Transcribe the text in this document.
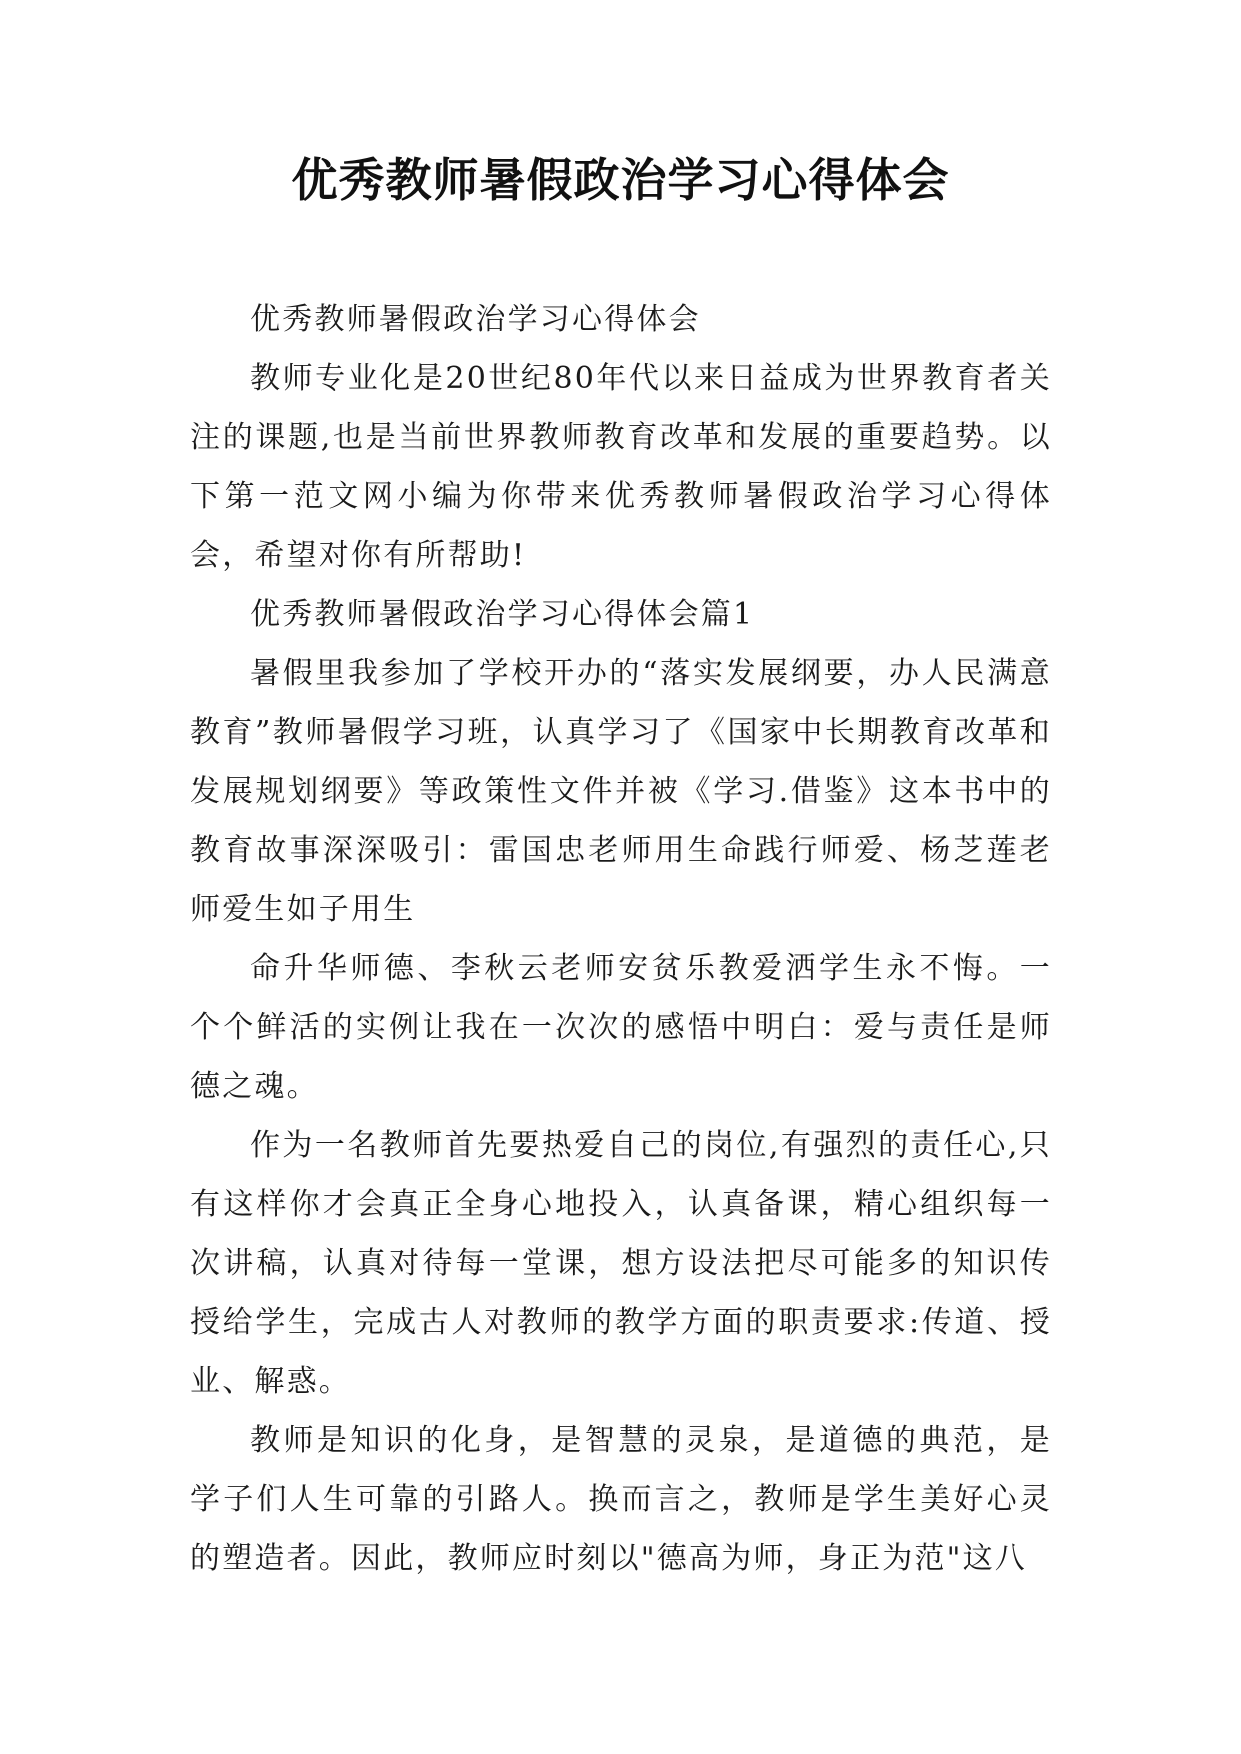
优秀教师暑假政治学习心得体会

优秀教师暑假政治学习心得体会

教师专业化是20世纪80年代以来日益成为世界教育者关注的课题,也是当前世界教师教育改革和发展的重要趋势。以下第一范文网小编为你带来优秀教师暑假政治学习心得体会，希望对你有所帮助!

优秀教师暑假政治学习心得体会篇1

暑假里我参加了学校开办的“落实发展纲要，办人民满意教育”教师暑假学习班，认真学习了《国家中长期教育改革和发展规划纲要》等政策性文件并被《学习.借鉴》这本书中的教育故事深深吸引：雷国忠老师用生命践行师爱、杨芝莲老师爱生如子用生

命升华师德、李秋云老师安贫乐教爱洒学生永不悔。一个个鲜活的实例让我在一次次的感悟中明白：爱与责任是师德之魂。

作为一名教师首先要热爱自己的岗位,有强烈的责任心,只有这样你才会真正全身心地投入，认真备课，精心组织每一次讲稿，认真对待每一堂课，想方设法把尽可能多的知识传授给学生，完成古人对教师的教学方面的职责要求:传道、授业、解惑。

教师是知识的化身，是智慧的灵泉，是道德的典范，是学子们人生可靠的引路人。换而言之，教师是学生美好心灵的塑造者。因此，教师应时刻以"德高为师，身正为范"这八
